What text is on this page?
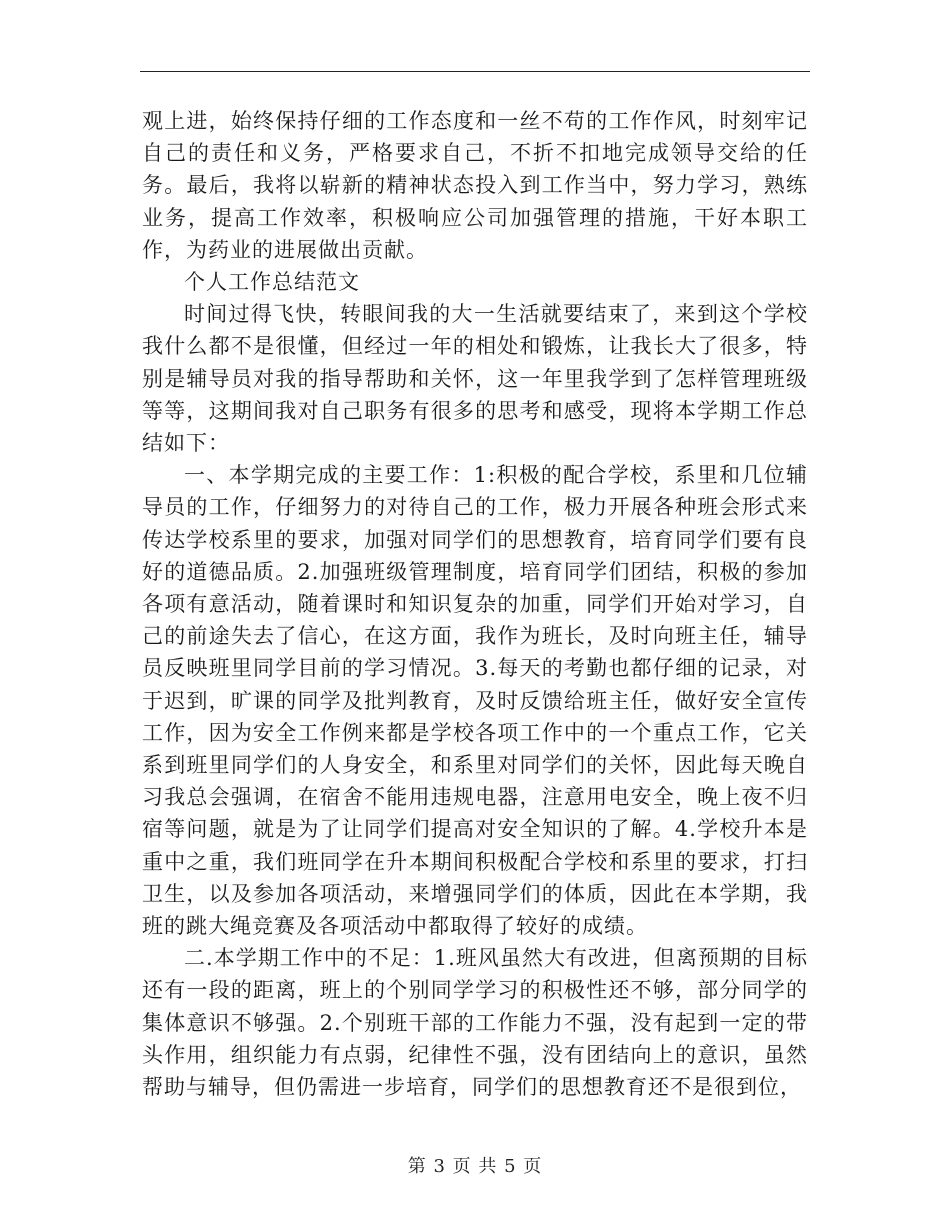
观上进，始终保持仔细的工作态度和一丝不苟的工作作风，时刻牢记自己的责任和义务，严格要求自己，不折不扣地完成领导交给的任务。最后，我将以崭新的精神状态投入到工作当中，努力学习，熟练业务，提高工作效率，积极响应公司加强管理的措施，干好本职工作，为药业的进展做出贡献。

个人工作总结范文

时间过得飞快，转眼间我的大一生活就要结束了，来到这个学校我什么都不是很懂，但经过一年的相处和锻炼，让我长大了很多，特别是辅导员对我的指导帮助和关怀，这一年里我学到了怎样管理班级等等，这期间我对自己职务有很多的思考和感受，现将本学期工作总结如下：

一、本学期完成的主要工作：1:积极的配合学校，系里和几位辅导员的工作，仔细努力的对待自己的工作，极力开展各种班会形式来传达学校系里的要求，加强对同学们的思想教育，培育同学们要有良好的道德品质。2.加强班级管理制度，培育同学们团结，积极的参加各项有意活动，随着课时和知识复杂的加重，同学们开始对学习，自己的前途失去了信心，在这方面，我作为班长，及时向班主任，辅导员反映班里同学目前的学习情况。3.每天的考勤也都仔细的记录，对于迟到，旷课的同学及批判教育，及时反馈给班主任，做好安全宣传工作，因为安全工作例来都是学校各项工作中的一个重点工作，它关系到班里同学们的人身安全，和系里对同学们的关怀，因此每天晚自习我总会强调，在宿舍不能用违规电器，注意用电安全，晚上夜不归宿等问题，就是为了让同学们提高对安全知识的了解。4.学校升本是重中之重，我们班同学在升本期间积极配合学校和系里的要求，打扫卫生，以及参加各项活动，来增强同学们的体质，因此在本学期，我班的跳大绳竞赛及各项活动中都取得了较好的成绩。

二.本学期工作中的不足：1.班风虽然大有改进，但离预期的目标还有一段的距离，班上的个别同学学习的积极性还不够，部分同学的集体意识不够强。2.个别班干部的工作能力不强，没有起到一定的带头作用，组织能力有点弱，纪律性不强，没有团结向上的意识，虽然帮助与辅导，但仍需进一步培育，同学们的思想教育还不是很到位，

第 3 页 共 5 页
